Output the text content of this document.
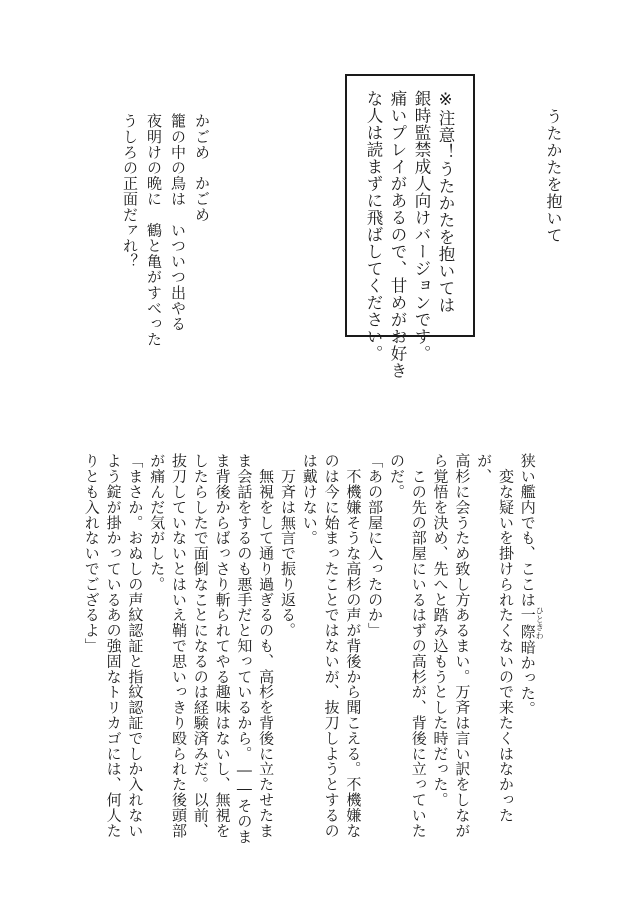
うたかたを抱いて
※注意！うたかたを抱いては
銀時監禁成人向けバージョンです。
痛いプレイがあるので、甘めがお好き
な人は読まずに飛ばしてください。
かごめ　かごめ
籠の中の鳥は　いついつ出やる
夜明けの晩に　鶴と亀がすべった
うしろの正面だァれ？
狭い艦内でも、ここは一際ひときわ暗かった。
　変な疑いを掛けられたくないので来たくはなかったが、
高杉に会うため致し方あるまい。万斉は言い訳をしなが
ら覚悟を決め、先へと踏み込もうとした時だった。
　この先の部屋にいるはずの高杉が、背後に立っていた
のだ。
「あの部屋に入ったのか」
　不機嫌そうな高杉の声が背後から聞こえる。不機嫌な
のは今に始まったことではないが、抜刀しようとするの
は戴けない。
　万斉は無言で振り返る。
　無視をして通り過ぎるのも、高杉を背後に立たせたま
ま会話をするのも悪手だと知っているから。――そのま
ま背後からばっさり斬られてやる趣味はないし、無視を
したらしたで面倒なことになるのは経験済みだ。以前、
抜刀していないとはいえ鞘で思いっきり殴られた後頭部
が痛んだ気がした。
「まさか。おぬしの声紋認証と指紋認証でしか入れない
よう錠が掛かっているあの強固なトリカゴには、何人た
りとも入れないでござるよ」
